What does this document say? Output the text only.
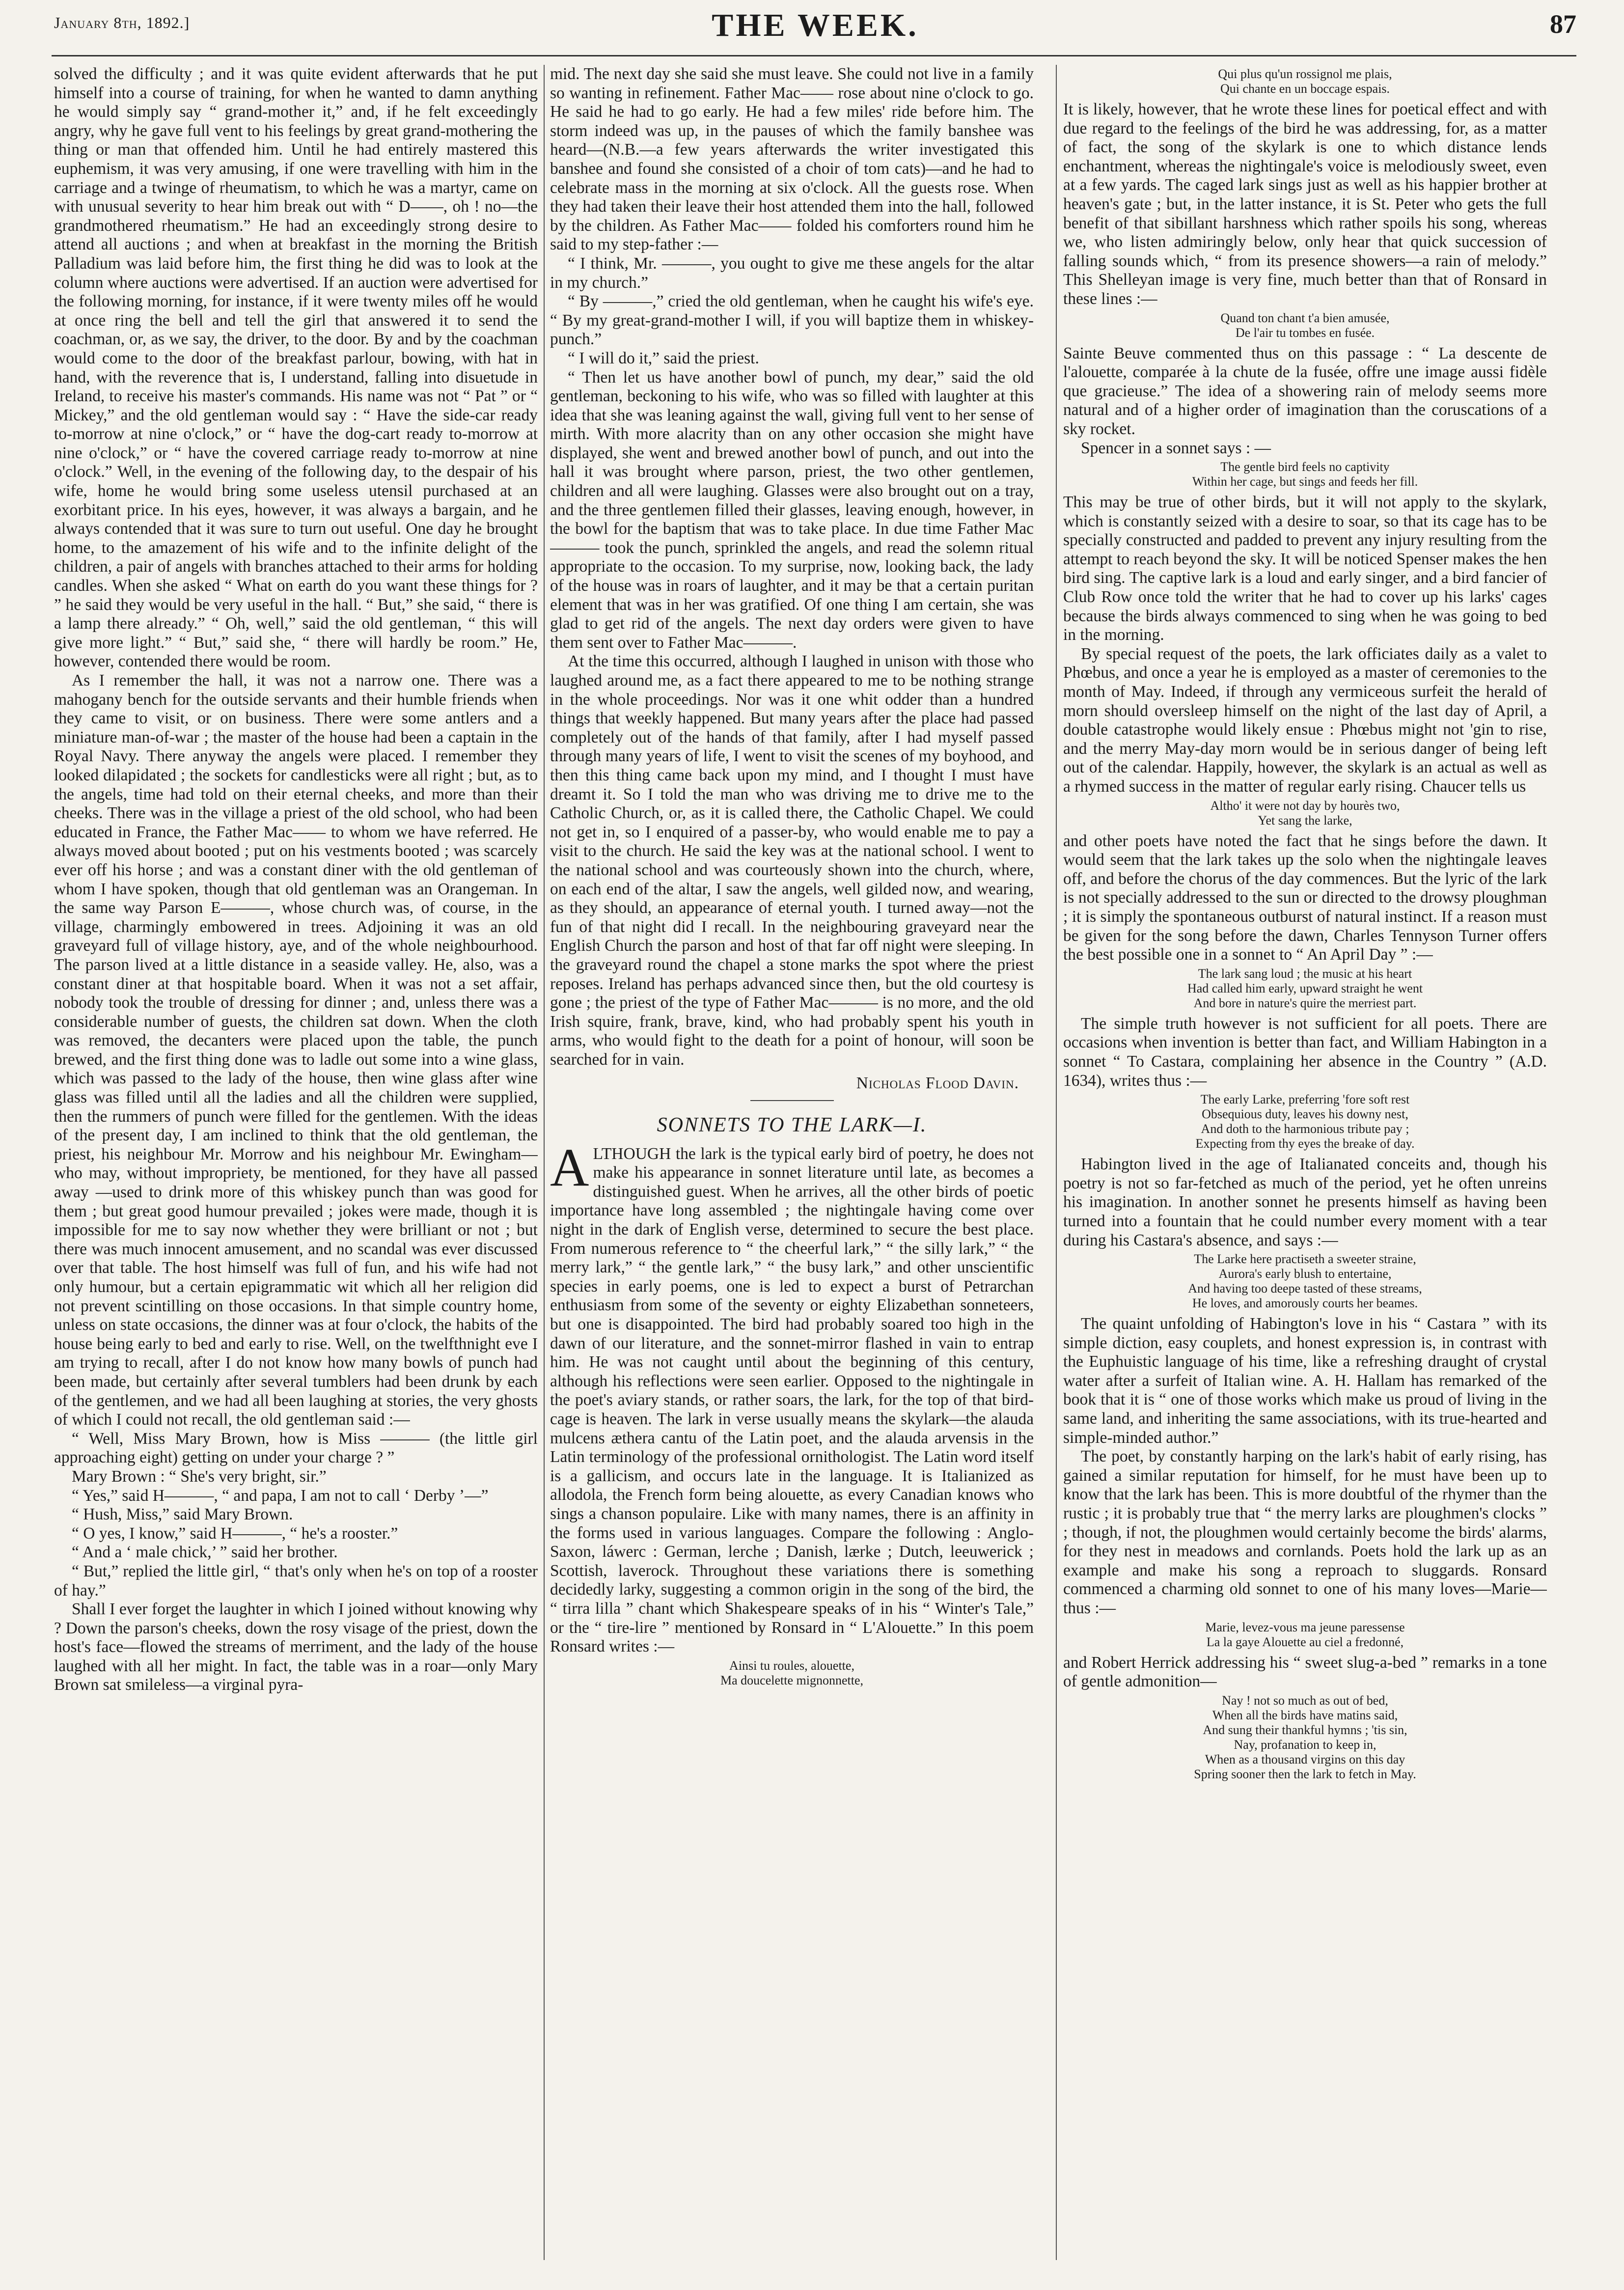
January 8th, 1892.]	THE WEEK.	87

solved the difficulty ; and it was quite evident afterwards that he put himself into a course of training, for when he wanted to damn anything he would simply say “ grand-mother it,” and, if he felt exceedingly angry, why he gave full vent to his feelings by great grand-mothering the thing or man that offended him. Until he had entirely mastered this euphemism, it was very amusing, if one were travelling with him in the carriage and a twinge of rheumatism, to which he was a martyr, came on with unusual severity to hear him break out with “ D——, oh ! no—the grandmothered rheumatism.” He had an exceedingly strong desire to attend all auctions ; and when at breakfast in the morning the British Palladium was laid before him, the first thing he did was to look at the column where auctions were advertised. If an auction were advertised for the following morning, for instance, if it were twenty miles off he would at once ring the bell and tell the girl that answered it to send the coachman, or, as we say, the driver, to the door. By and by the coachman would come to the door of the breakfast parlour, bowing, with hat in hand, with the reverence that is, I understand, falling into disuetude in Ireland, to receive his master's commands. His name was not “ Pat ” or “ Mickey,” and the old gentleman would say : “ Have the side-car ready to-morrow at nine o'clock,” or “ have the dog-cart ready to-morrow at nine o'clock,” or “ have the covered carriage ready to-morrow at nine o'clock.” Well, in the evening of the following day, to the despair of his wife, home he would bring some useless utensil purchased at an exorbitant price. In his eyes, however, it was always a bargain, and he always contended that it was sure to turn out useful. One day he brought home, to the amazement of his wife and to the infinite delight of the children, a pair of angels with branches attached to their arms for holding candles. When she asked “ What on earth do you want these things for ? ” he said they would be very useful in the hall. “ But,” she said, “ there is a lamp there already.” “ Oh, well,” said the old gentleman, “ this will give more light.” “ But,” said she, “ there will hardly be room.” He, however, contended there would be room.

As I remember the hall, it was not a narrow one. There was a mahogany bench for the outside servants and their humble friends when they came to visit, or on business. There were some antlers and a miniature man-of-war ; the master of the house had been a captain in the Royal Navy. There anyway the angels were placed. I remember they looked dilapidated ; the sockets for candlesticks were all right ; but, as to the angels, time had told on their eternal cheeks, and more than their cheeks. There was in the village a priest of the old school, who had been educated in France, the Father Mac—— to whom we have referred. He always moved about booted ; put on his vestments booted ; was scarcely ever off his horse ; and was a constant diner with the old gentleman of whom I have spoken, though that old gentleman was an Orangeman. In the same way Parson E———, whose church was, of course, in the village, charmingly embowered in trees. Adjoining it was an old graveyard full of village history, aye, and of the whole neighbourhood. The parson lived at a little distance in a seaside valley. He, also, was a constant diner at that hospitable board. When it was not a set affair, nobody took the trouble of dressing for dinner ; and, unless there was a considerable number of guests, the children sat down. When the cloth was removed, the decanters were placed upon the table, the punch brewed, and the first thing done was to ladle out some into a wine glass, which was passed to the lady of the house, then wine glass after wine glass was filled until all the ladies and all the children were supplied, then the rummers of punch were filled for the gentlemen. With the ideas of the present day, I am inclined to think that the old gentleman, the priest, his neighbour Mr. Morrow and his neighbour Mr. Ewingham—who may, without impropriety, be mentioned, for they have all passed away —used to drink more of this whiskey punch than was good for them ; but great good humour prevailed ; jokes were made, though it is impossible for me to say now whether they were brilliant or not ; but there was much innocent amusement, and no scandal was ever discussed over that table. The host himself was full of fun, and his wife had not only humour, but a certain epigrammatic wit which all her religion did not prevent scintilling on those occasions. In that simple country home, unless on state occasions, the dinner was at four o'clock, the habits of the house being early to bed and early to rise. Well, on the twelfthnight eve I am trying to recall, after I do not know how many bowls of punch had been made, but certainly after several tumblers had been drunk by each of the gentlemen, and we had all been laughing at stories, the very ghosts of which I could not recall, the old gentleman said :—

“ Well, Miss Mary Brown, how is Miss ——— (the little girl approaching eight) getting on under your charge ? ”

Mary Brown : “ She's very bright, sir.”

“ Yes,” said H———, “ and papa, I am not to call ‘ Derby ’—”

“ Hush, Miss,” said Mary Brown.

“ O yes, I know,” said H———, “ he's a rooster.”

“ And a ‘ male chick,’ ” said her brother.

“ But,” replied the little girl, “ that's only when he's on top of a rooster of hay.”

Shall I ever forget the laughter in which I joined without knowing why ? Down the parson's cheeks, down the rosy visage of the priest, down the host's face—flowed the streams of merriment, and the lady of the house laughed with all her might. In fact, the table was in a roar—only Mary Brown sat smileless—a virginal pyra-

mid. The next day she said she must leave. She could not live in a family so wanting in refinement. Father Mac—— rose about nine o'clock to go. He said he had to go early. He had a few miles' ride before him. The storm indeed was up, in the pauses of which the family banshee was heard—(N.B.—a few years afterwards the writer investigated this banshee and found she consisted of a choir of tom cats)—and he had to celebrate mass in the morning at six o'clock. All the guests rose. When they had taken their leave their host attended them into the hall, followed by the children. As Father Mac—— folded his comforters round him he said to my step-father :—

“ I think, Mr. ———, you ought to give me these angels for the altar in my church.”

“ By ———,” cried the old gentleman, when he caught his wife's eye. “ By my great-grand-mother I will, if you will baptize them in whiskey-punch.”

“ I will do it,” said the priest.

“ Then let us have another bowl of punch, my dear,” said the old gentleman, beckoning to his wife, who was so filled with laughter at this idea that she was leaning against the wall, giving full vent to her sense of mirth. With more alacrity than on any other occasion she might have displayed, she went and brewed another bowl of punch, and out into the hall it was brought where parson, priest, the two other gentlemen, children and all were laughing. Glasses were also brought out on a tray, and the three gentlemen filled their glasses, leaving enough, however, in the bowl for the baptism that was to take place. In due time Father Mac——— took the punch, sprinkled the angels, and read the solemn ritual appropriate to the occasion. To my surprise, now, looking back, the lady of the house was in roars of laughter, and it may be that a certain puritan element that was in her was gratified. Of one thing I am certain, she was glad to get rid of the angels. The next day orders were given to have them sent over to Father Mac———.

At the time this occurred, although I laughed in unison with those who laughed around me, as a fact there appeared to me to be nothing strange in the whole proceedings. Nor was it one whit odder than a hundred things that weekly happened. But many years after the place had passed completely out of the hands of that family, after I had myself passed through many years of life, I went to visit the scenes of my boyhood, and then this thing came back upon my mind, and I thought I must have dreamt it. So I told the man who was driving me to drive me to the Catholic Church, or, as it is called there, the Catholic Chapel. We could not get in, so I enquired of a passer-by, who would enable me to pay a visit to the church. He said the key was at the national school. I went to the national school and was courteously shown into the church, where, on each end of the altar, I saw the angels, well gilded now, and wearing, as they should, an appearance of eternal youth. I turned away—not the fun of that night did I recall. In the neighbouring graveyard near the English Church the parson and host of that far off night were sleeping. In the graveyard round the chapel a stone marks the spot where the priest reposes. Ireland has perhaps advanced since then, but the old courtesy is gone ; the priest of the type of Father Mac——— is no more, and the old Irish squire, frank, brave, kind, who had probably spent his youth in arms, who would fight to the death for a point of honour, will soon be searched for in vain.

Nicholas Flood Davin.

SONNETS TO THE LARK—I.

ALTHOUGH the lark is the typical early bird of poetry, he does not make his appearance in sonnet literature until late, as becomes a distinguished guest. When he arrives, all the other birds of poetic importance have long assembled ; the nightingale having come over night in the dark of English verse, determined to secure the best place. From numerous reference to “ the cheerful lark,” “ the silly lark,” “ the merry lark,” “ the gentle lark,” “ the busy lark,” and other unscientific species in early poems, one is led to expect a burst of Petrarchan enthusiasm from some of the seventy or eighty Elizabethan sonneteers, but one is disappointed. The bird had probably soared too high in the dawn of our literature, and the sonnet-mirror flashed in vain to entrap him. He was not caught until about the beginning of this century, although his reflections were seen earlier. Opposed to the nightingale in the poet's aviary stands, or rather soars, the lark, for the top of that bird-cage is heaven. The lark in verse usually means the skylark—the alauda mulcens æthera cantu of the Latin poet, and the alauda arvensis in the Latin terminology of the professional ornithologist. The Latin word itself is a gallicism, and occurs late in the language. It is Italianized as allodola, the French form being alouette, as every Canadian knows who sings a chanson populaire. Like with many names, there is an affinity in the forms used in various languages. Compare the following : Anglo-Saxon, láwerc : German, lerche ; Danish, lærke ; Dutch, leeuwerick ; Scottish, laverock. Throughout these variations there is something decidedly larky, suggesting a common origin in the song of the bird, the “ tirra lilla ” chant which Shakespeare speaks of in his “ Winter's Tale,” or the “ tire-lire ” mentioned by Ronsard in “ L'Alouette.” In this poem Ronsard writes :—

Ainsi tu roules, alouette,
Ma doucelette mignonnette,
Qui plus qu'un rossignol me plais,
Qui chante en un boccage espais.

It is likely, however, that he wrote these lines for poetical effect and with due regard to the feelings of the bird he was addressing, for, as a matter of fact, the song of the skylark is one to which distance lends enchantment, whereas the nightingale's voice is melodiously sweet, even at a few yards. The caged lark sings just as well as his happier brother at heaven's gate ; but, in the latter instance, it is St. Peter who gets the full benefit of that sibillant harshness which rather spoils his song, whereas we, who listen admiringly below, only hear that quick succession of falling sounds which, “ from its presence showers—a rain of melody.” This Shelleyan image is very fine, much better than that of Ronsard in these lines :—

Quand ton chant t'a bien amusée,
De l'air tu tombes en fusée.

Sainte Beuve commented thus on this passage : “ La descente de l'alouette, comparée à la chute de la fusée, offre une image aussi fidèle que gracieuse.” The idea of a showering rain of melody seems more natural and of a higher order of imagination than the coruscations of a sky rocket.

Spencer in a sonnet says : —

The gentle bird feels no captivity
Within her cage, but sings and feeds her fill.

This may be true of other birds, but it will not apply to the skylark, which is constantly seized with a desire to soar, so that its cage has to be specially constructed and padded to prevent any injury resulting from the attempt to reach beyond the sky. It will be noticed Spenser makes the hen bird sing. The captive lark is a loud and early singer, and a bird fancier of Club Row once told the writer that he had to cover up his larks' cages because the birds always commenced to sing when he was going to bed in the morning.

By special request of the poets, the lark officiates daily as a valet to Phœbus, and once a year he is employed as a master of ceremonies to the month of May. Indeed, if through any vermiceous surfeit the herald of morn should oversleep himself on the night of the last day of April, a double catastrophe would likely ensue : Phœbus might not 'gin to rise, and the merry May-day morn would be in serious danger of being left out of the calendar. Happily, however, the skylark is an actual as well as a rhymed success in the matter of regular early rising. Chaucer tells us

Altho' it were not day by hourès two,
Yet sang the larke,

and other poets have noted the fact that he sings before the dawn. It would seem that the lark takes up the solo when the nightingale leaves off, and before the chorus of the day commences. But the lyric of the lark is not specially addressed to the sun or directed to the drowsy ploughman ; it is simply the spontaneous outburst of natural instinct. If a reason must be given for the song before the dawn, Charles Tennyson Turner offers the best possible one in a sonnet to “ An April Day ” :—

The lark sang loud ; the music at his heart
Had called him early, upward straight he went
And bore in nature's quire the merriest part.

The simple truth however is not sufficient for all poets. There are occasions when invention is better than fact, and William Habington in a sonnet “ To Castara, complaining her absence in the Country ” (A.D. 1634), writes thus :—

The early Larke, preferring 'fore soft rest
Obsequious duty, leaves his downy nest,
And doth to the harmonious tribute pay ;
Expecting from thy eyes the breake of day.

Habington lived in the age of Italianated conceits and, though his poetry is not so far-fetched as much of the period, yet he often unreins his imagination. In another sonnet he presents himself as having been turned into a fountain that he could number every moment with a tear during his Castara's absence, and says :—

The Larke here practiseth a sweeter straine,
Aurora's early blush to entertaine,
And having too deepe tasted of these streams,
He loves, and amorously courts her beames.

The quaint unfolding of Habington's love in his “ Castara ” with its simple diction, easy couplets, and honest expression is, in contrast with the Euphuistic language of his time, like a refreshing draught of crystal water after a surfeit of Italian wine. A. H. Hallam has remarked of the book that it is “ one of those works which make us proud of living in the same land, and inheriting the same associations, with its true-hearted and simple-minded author.”

The poet, by constantly harping on the lark's habit of early rising, has gained a similar reputation for himself, for he must have been up to know that the lark has been. This is more doubtful of the rhymer than the rustic ; it is probably true that “ the merry larks are ploughmen's clocks ” ; though, if not, the ploughmen would certainly become the birds' alarms, for they nest in meadows and cornlands. Poets hold the lark up as an example and make his song a reproach to sluggards. Ronsard commenced a charming old sonnet to one of his many loves—Marie—thus :—

Marie, levez-vous ma jeune paressense
La la gaye Alouette au ciel a fredonné,

and Robert Herrick addressing his “ sweet slug-a-bed ” remarks in a tone of gentle admonition—

Nay ! not so much as out of bed,
When all the birds have matins said,
And sung their thankful hymns ; 'tis sin,
Nay, profanation to keep in,
When as a thousand virgins on this day
Spring sooner then the lark to fetch in May.
